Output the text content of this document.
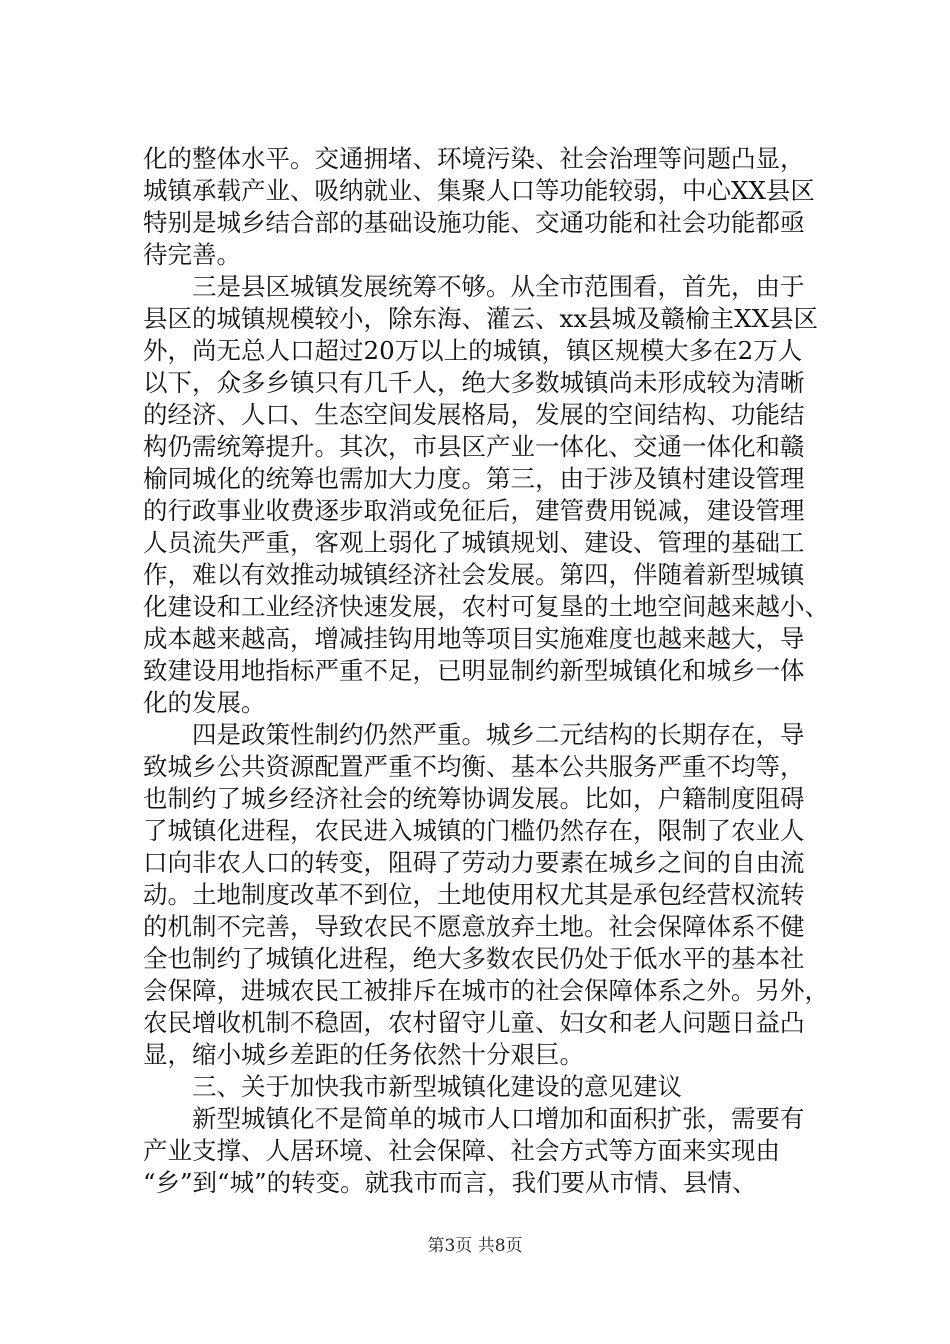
化的整体水平。交通拥堵、环境污染、社会治理等问题凸显，
城镇承载产业、吸纳就业、集聚人口等功能较弱，中心XX县区
特别是城乡结合部的基础设施功能、交通功能和社会功能都亟
待完善。
三是县区城镇发展统筹不够。从全市范围看，首先，由于
县区的城镇规模较小，除东海、灌云、xx县城及赣榆主XX县区
外，尚无总人口超过20万以上的城镇，镇区规模大多在2万人
以下，众多乡镇只有几千人，绝大多数城镇尚未形成较为清晰
的经济、人口、生态空间发展格局，发展的空间结构、功能结
构仍需统筹提升。其次，市县区产业一体化、交通一体化和赣
榆同城化的统筹也需加大力度。第三，由于涉及镇村建设管理
的行政事业收费逐步取消或免征后，建管费用锐减，建设管理
人员流失严重，客观上弱化了城镇规划、建设、管理的基础工
作，难以有效推动城镇经济社会发展。第四，伴随着新型城镇
化建设和工业经济快速发展，农村可复垦的土地空间越来越小、
成本越来越高，增减挂钩用地等项目实施难度也越来越大，导
致建设用地指标严重不足，已明显制约新型城镇化和城乡一体
化的发展。
四是政策性制约仍然严重。城乡二元结构的长期存在，导
致城乡公共资源配置严重不均衡、基本公共服务严重不均等，
也制约了城乡经济社会的统筹协调发展。比如，户籍制度阻碍
了城镇化进程，农民进入城镇的门槛仍然存在，限制了农业人
口向非农人口的转变，阻碍了劳动力要素在城乡之间的自由流
动。土地制度改革不到位，土地使用权尤其是承包经营权流转
的机制不完善，导致农民不愿意放弃土地。社会保障体系不健
全也制约了城镇化进程，绝大多数农民仍处于低水平的基本社
会保障，进城农民工被排斥在城市的社会保障体系之外。另外，
农民增收机制不稳固，农村留守儿童、妇女和老人问题日益凸
显，缩小城乡差距的任务依然十分艰巨。
三、关于加快我市新型城镇化建设的意见建议
新型城镇化不是简单的城市人口增加和面积扩张，需要有
产业支撑、人居环境、社会保障、社会方式等方面来实现由
“乡”到“城”的转变。就我市而言，我们要从市情、县情、
第3页 共8页
